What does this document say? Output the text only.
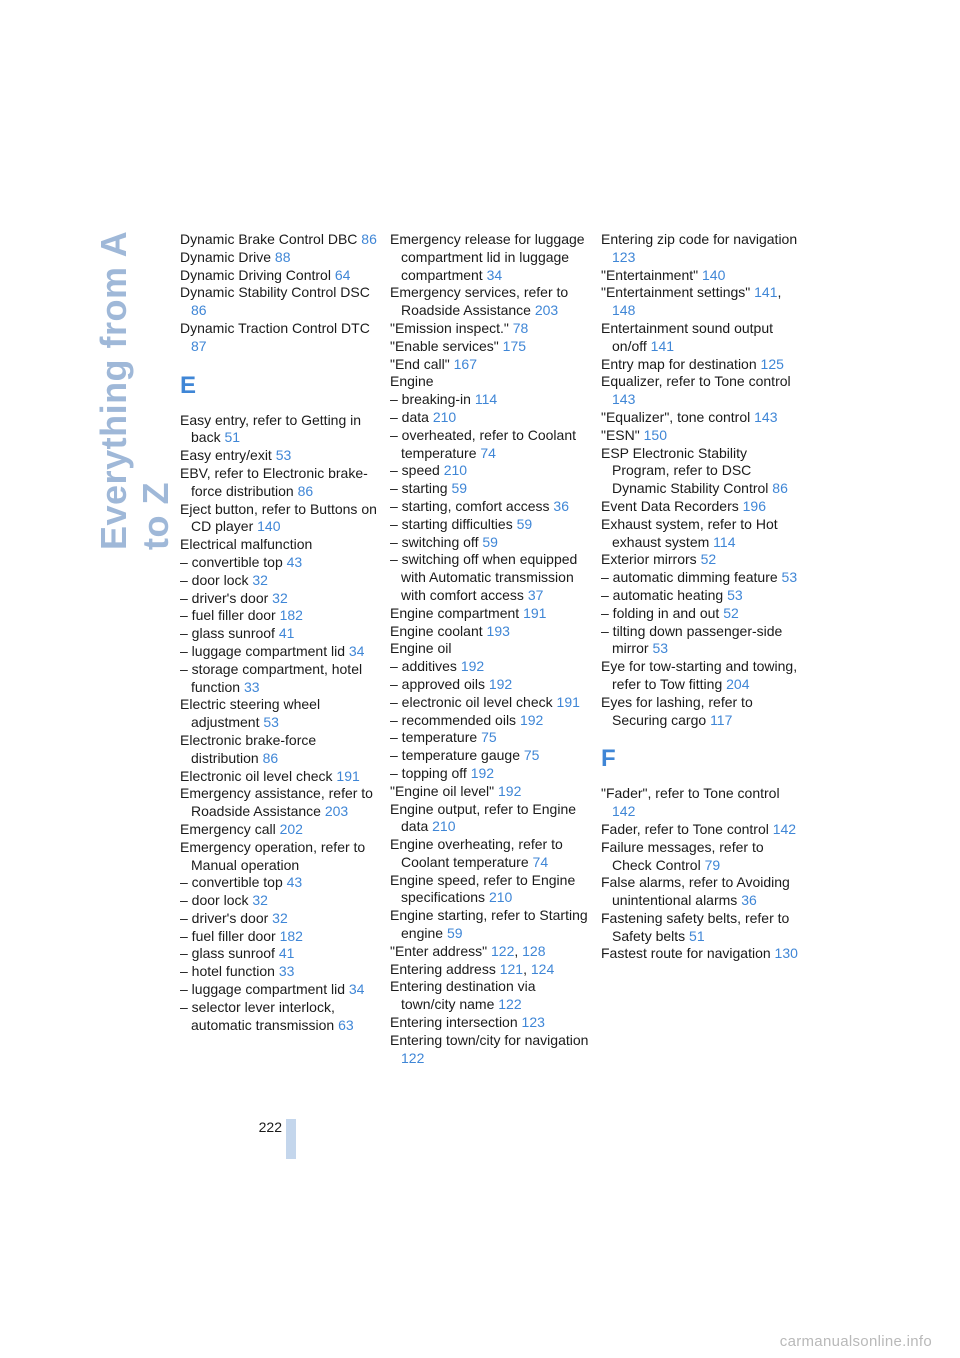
Everything from A to Z
Dynamic Brake Control DBC 86
Dynamic Drive 88
Dynamic Driving Control 64
Dynamic Stability Control DSC 86
Dynamic Traction Control DTC 87
E
Easy entry, refer to Getting in back 51
Easy entry/exit 53
EBV, refer to Electronic brake-force distribution 86
Eject button, refer to Buttons on CD player 140
Electrical malfunction
– convertible top 43
– door lock 32
– driver's door 32
– fuel filler door 182
– glass sunroof 41
– luggage compartment lid 34
– storage compartment, hotel function 33
Electric steering wheel adjustment 53
Electronic brake-force distribution 86
Electronic oil level check 191
Emergency assistance, refer to Roadside Assistance 203
Emergency call 202
Emergency operation, refer to Manual operation
– convertible top 43
– door lock 32
– driver's door 32
– fuel filler door 182
– glass sunroof 41
– hotel function 33
– luggage compartment lid 34
– selector lever interlock, automatic transmission 63
Emergency release for luggage compartment lid in luggage compartment 34
Emergency services, refer to Roadside Assistance 203
"Emission inspect." 78
"Enable services" 175
"End call" 167
Engine
– breaking-in 114
– data 210
– overheated, refer to Coolant temperature 74
– speed 210
– starting 59
– starting, comfort access 36
– starting difficulties 59
– switching off 59
– switching off when equipped with Automatic transmission with comfort access 37
Engine compartment 191
Engine coolant 193
Engine oil
– additives 192
– approved oils 192
– electronic oil level check 191
– recommended oils 192
– temperature 75
– temperature gauge 75
– topping off 192
"Engine oil level" 192
Engine output, refer to Engine data 210
Engine overheating, refer to Coolant temperature 74
Engine speed, refer to Engine specifications 210
Engine starting, refer to Starting engine 59
"Enter address" 122, 128
Entering address 121, 124
Entering destination via town/city name 122
Entering intersection 123
Entering town/city for navigation 122
Entering zip code for navigation 123
"Entertainment" 140
"Entertainment settings" 141, 148
Entertainment sound output on/off 141
Entry map for destination 125
Equalizer, refer to Tone control 143
"Equalizer", tone control 143
"ESN" 150
ESP Electronic Stability Program, refer to DSC Dynamic Stability Control 86
Event Data Recorders 196
Exhaust system, refer to Hot exhaust system 114
Exterior mirrors 52
– automatic dimming feature 53
– automatic heating 53
– folding in and out 52
– tilting down passenger-side mirror 53
Eye for tow-starting and towing, refer to Tow fitting 204
Eyes for lashing, refer to Securing cargo 117
F
"Fader", refer to Tone control 142
Fader, refer to Tone control 142
Failure messages, refer to Check Control 79
False alarms, refer to Avoiding unintentional alarms 36
Fastening safety belts, refer to Safety belts 51
Fastest route for navigation 130
222
carmanualsonline.info
